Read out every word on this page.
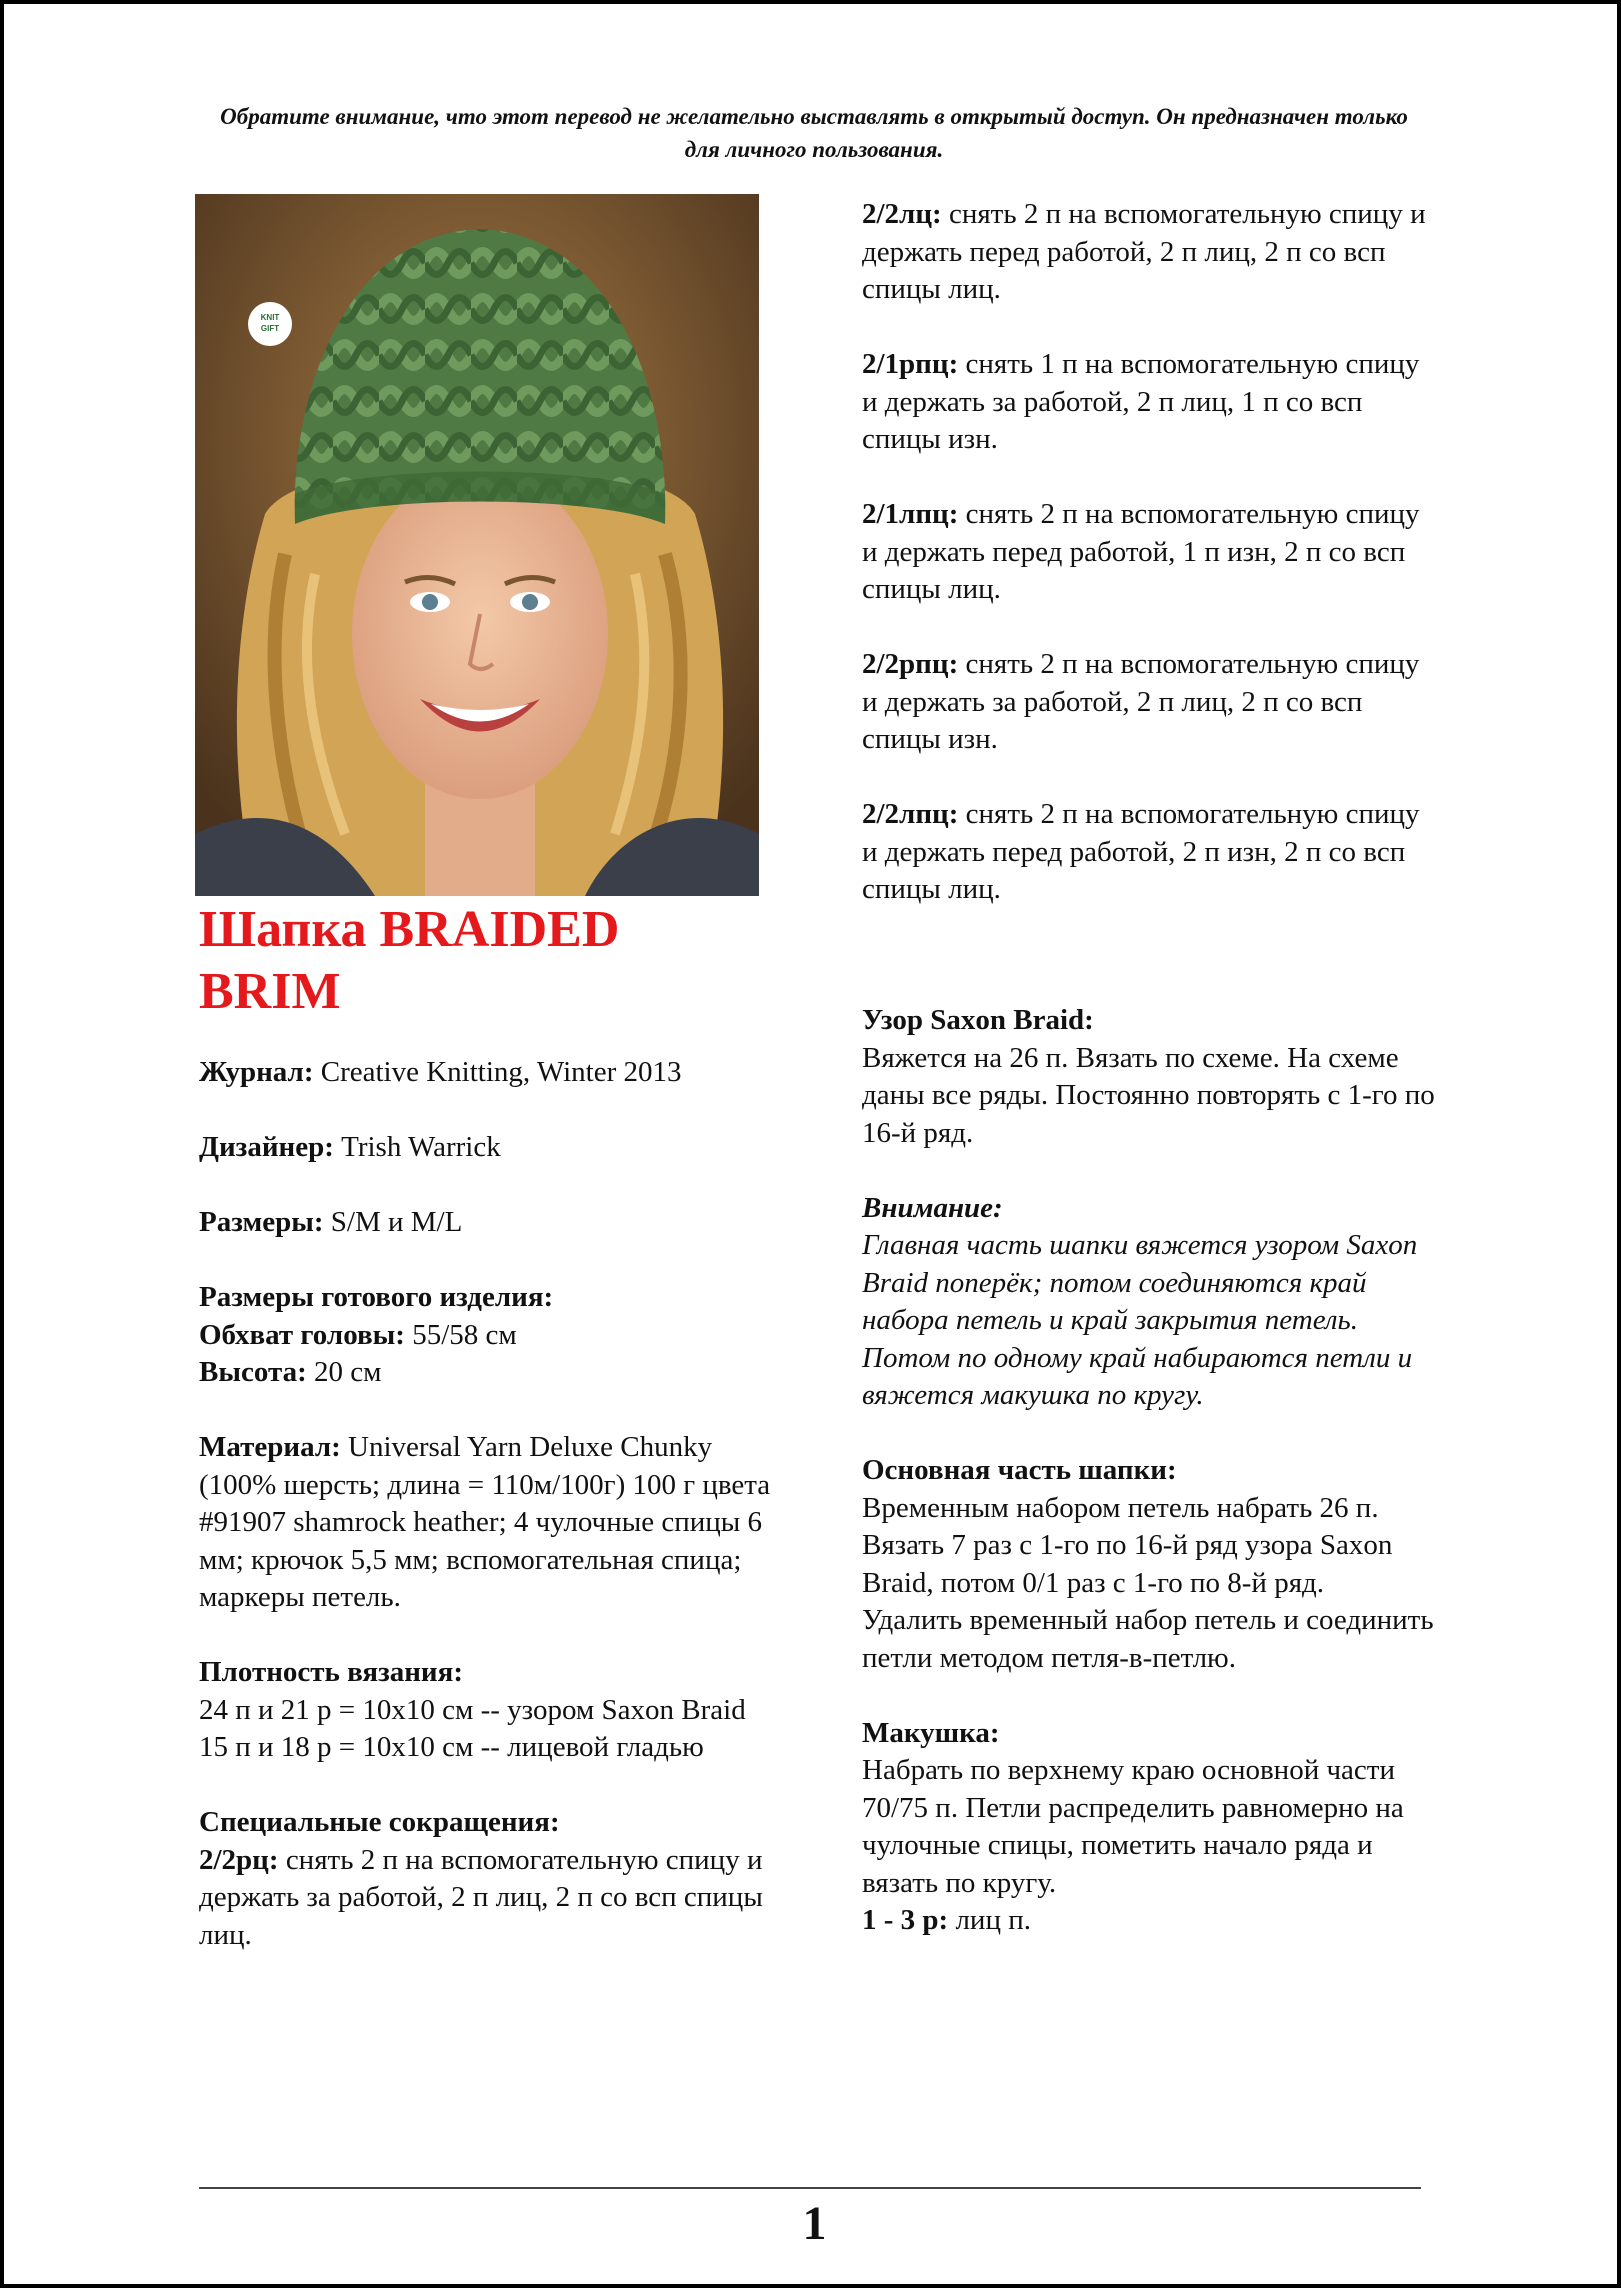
Обратите внимание, что этот перевод не желательно выставлять в открытый доступ. Он предназначен только для личного пользования.
KNIT
GIFT
Шапка BRAIDED BRIM

Журнал: Creative Knitting, Winter 2013

Дизайнер: Trish Warrick

Размеры: S/M и M/L

Размеры готового изделия:

Обхват головы: 55/58 см

Высота: 20 см

Материал: Universal Yarn Deluxe Chunky (100% шерсть; длина = 110м/100г) 100 г цвета #91907 shamrock heather; 4 чулочные спицы 6 мм; крючок 5,5 мм; вспомогательная спица; маркеры петель.

Плотность вязания:

24 п и 21 р = 10х10 см -- узором Saxon Braid

15 п и 18 р = 10х10 см -- лицевой гладью

Специальные сокращения:

2/2рц: снять 2 п на вспомогательную спицу и держать за работой, 2 п лиц, 2 п со всп спицы лиц.

2/2лц: снять 2 п на вспомогательную спицу и держать перед работой, 2 п лиц, 2 п со всп спицы лиц.

2/1рпц: снять 1 п на вспомогательную спицу и держать за работой, 2 п лиц, 1 п со всп спицы изн.

2/1лпц: снять 2 п на вспомогательную спицу и держать перед работой, 1 п изн, 2 п со всп спицы лиц.

2/2рпц: снять 2 п на вспомогательную спицу и держать за работой, 2 п лиц, 2 п со всп спицы изн.

2/2лпц: снять 2 п на вспомогательную спицу и держать перед работой, 2 п изн, 2 п со всп спицы лиц.

Узор Saxon Braid:

Вяжется на 26 п. Вязать по схеме. На схеме даны все ряды. Постоянно повторять с 1-го по 16-й ряд.

Внимание:

Главная часть шапки вяжется узором Saxon Braid поперёк; потом соединяются край набора петель и край закрытия петель. Потом по одному край набираются петли и вяжется макушка по кругу.

Основная часть шапки:

Временным набором петель набрать 26 п.

Вязать 7 раз с 1-го по 16-й ряд узора Saxon Braid, потом 0/1 раз с 1-го по 8-й ряд.

Удалить временный набор петель и соединить петли методом петля-в-петлю.

Макушка:

Набрать по верхнему краю основной части 70/75 п. Петли распределить равномерно на чулочные спицы, пометить начало ряда и вязать по кругу.

1 - 3 р: лиц п.

1
